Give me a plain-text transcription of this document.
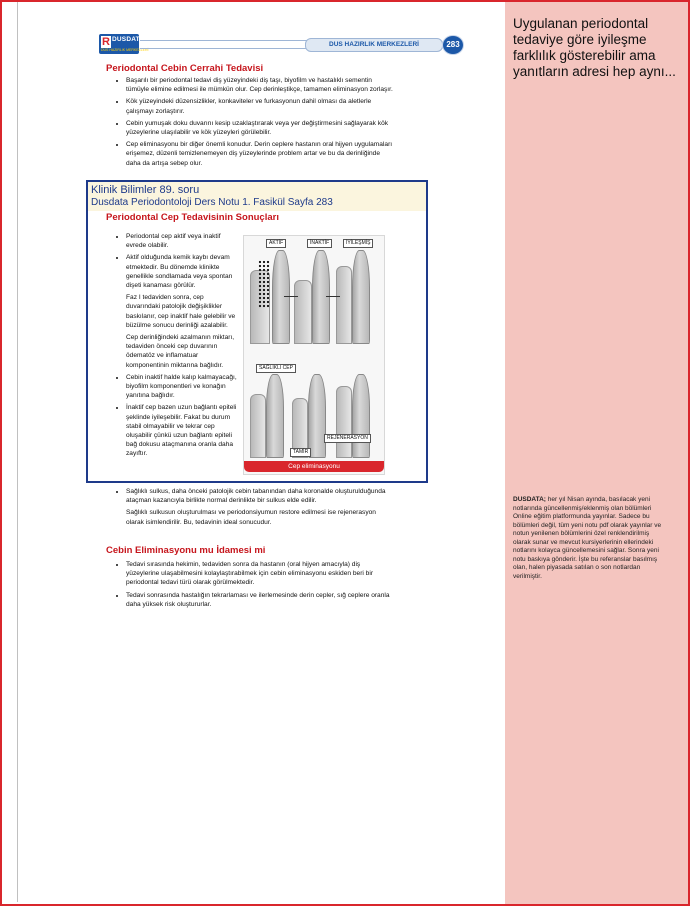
Uygulanan periodontal tedaviye göre iyileşme farklılık gösterebilir ama yanıtların adresi hep aynı...
DUSDATA; her yıl Nisan ayında, basılacak yeni notlarında güncellenmiş/eklenmiş olan bölümleri Online eğitim platformunda yayınlar. Sadece bu bölümleri değil, tüm yeni notu pdf olarak yayınlar ve notun yenilenen bölümlerini özel renklendirilmiş olarak sunar ve mevcut kursiyerlerinin ellerindeki notlarını kolayca güncellemesini sağlar. Sonra yeni notu baskıya gönderir. İşte bu referanslar basılmış olan, halen piyasada satılan o son notlardan verilmiştir.
R DUSDATA
DUS HAZIRLIK MERKEZLERİ
DUS HAZIRLIK MERKEZLERİ	283
Periodontal Cebin Cerrahi Tedavisi
• Başarılı bir periodontal tedavi diş yüzeyindeki diş taşı, biyofilm ve hastalıklı sementin tümüyle elimine edilmesi ile mümkün olur. Cep derinleştikçe, tamamen eliminasyon zorlaşır.
• Kök yüzeyindeki düzensizlikler, konkaviteler ve furkasyonun dahil olması da aletlerle çalışmayı zorlaştırır.
• Cebin yumuşak doku duvarını kesip uzaklaştırarak veya yer değiştirmesini sağlayarak kök yüzeylerine ulaşılabilir ve kök yüzeyleri görülebilir.
• Cep eliminasyonu bir diğer önemli konudur. Derin ceplere hastanın oral hijyen uygulamaları erişemez, düzenli temizlenemeyen diş yüzeylerinde problem artar ve bu da derinliğinde daha da artışa sebep olur.
Klinik Bilimler 89. soru
Dusdata Periodontoloji Ders Notu 1. Fasikül Sayfa 283
Periodontal Cep Tedavisinin Sonuçları
• Periodontal cep aktif veya inaktif evrede olabilir.
• Aktif olduğunda kemik kaybı devam etmektedir. Bu dönemde klinikte genellikle sondlamada veya spontan dişeti kanaması görülür.

Faz I tedaviden sonra, cep duvarındaki patolojik değişiklikler baskılanır, cep inaktif hale gelebilir ve büzülme sonucu derinliği azalabilir.

Cep derinliğindeki azalmanın miktarı, tedaviden önceki cep duvarının ödematöz ve inflamatuar komponentinin miktarına bağlıdır.

• Cebin inaktif halde kalıp kalmayacağı, biyofilm komponentleri ve konağın yanıtına bağlıdır.
• İnaktif cep bazen uzun bağlantı epiteli şeklinde iyileşebilir. Fakat bu durum stabil olmayabilir ve tekrar cep oluşabilir çünkü uzun bağlantı epiteli bağ dokusu ataçmanına oranla daha zayıftır.
AKTİF	İNAKTİF	İYİLEŞMİŞ
SAĞLIKLI CEP
REJENERASYON
TAMİR
Cep eliminasyonu
• Sağlıklı sulkus, daha önceki patolojik cebin tabanından daha koronalde oluşturulduğunda ataçman kazancıyla birlikte normal derinlikte bir sulkus elde edilir.

Sağlıklı sulkusun oluşturulması ve periodonsiyumun restore edilmesi ise rejenerasyon olarak isimlendirilir. Bu, tedavinin ideal sonucudur.

Cebin Eliminasyonu mu İdamesi mi
• Tedavi sırasında hekimin, tedaviden sonra da hastanın (oral hijyen amacıyla) diş yüzeylerine ulaşabilmesini kolaylaştırabilmek için cebin eliminasyonu eskiden beri bir periodontal tedavi türü olarak görülmektedir.
• Tedavi sonrasında hastalığın tekrarlaması ve ilerlemesinde derin cepler, sığ ceplere oranla daha yüksek risk oluştururlar.
